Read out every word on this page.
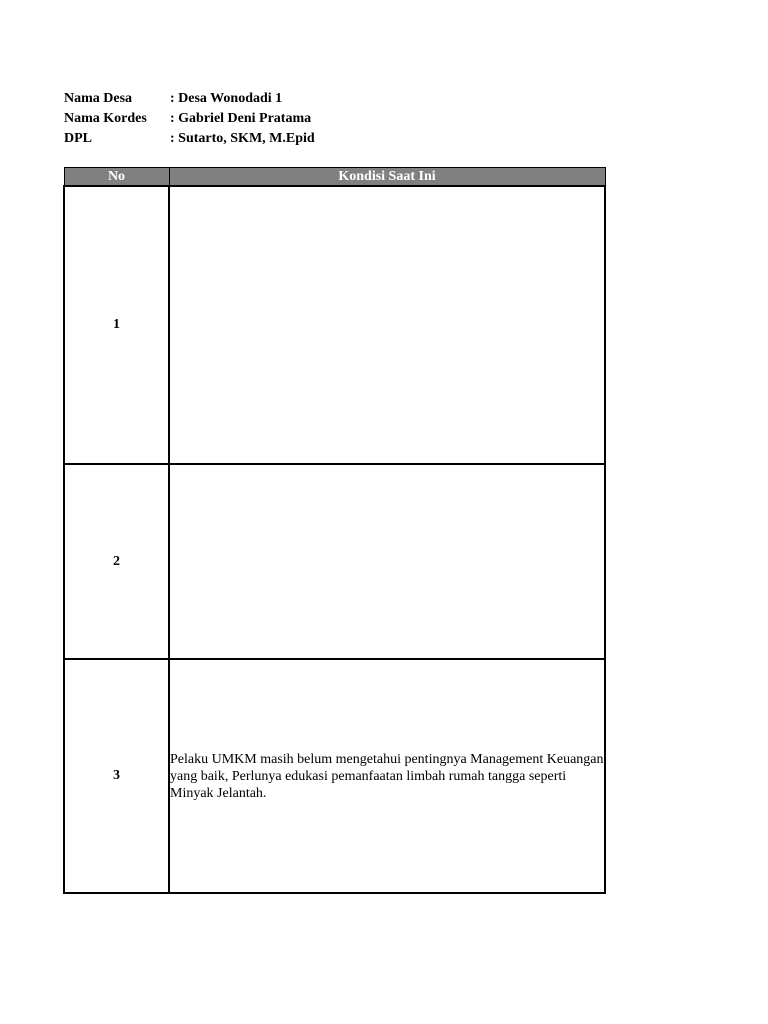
Nama Desa	: Desa Wonodadi 1
Nama Kordes : Gabriel Deni Pratama
DPL	: Sutarto, SKM, M.Epid
No	Kondisi Saat Ini
1	
2	
3	Pelaku UMKM masih belum mengetahui pentingnya Management Keuangan yang baik, Perlunya edukasi pemanfaatan limbah rumah tangga seperti Minyak Jelantah.
